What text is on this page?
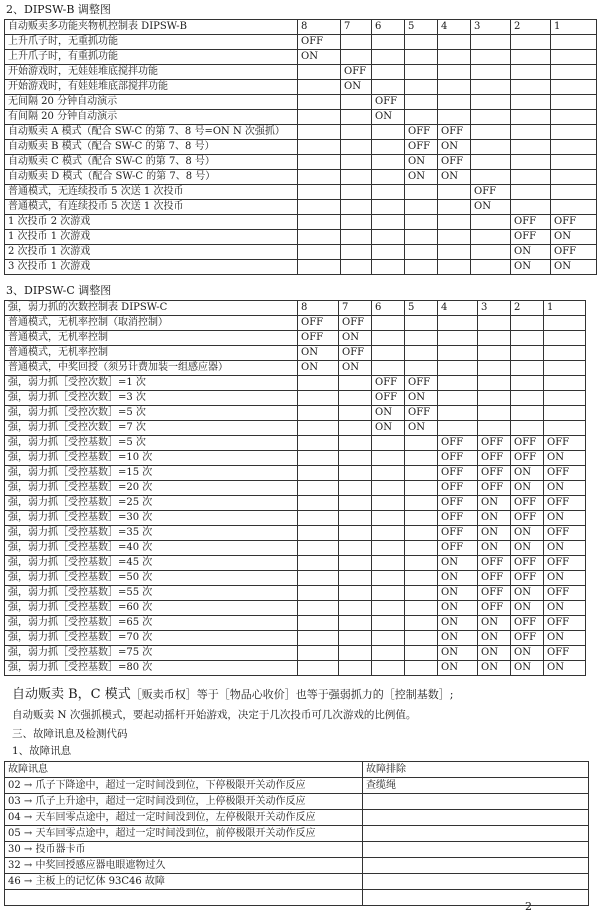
2、DIPSW-B 调整图
自动贩卖多功能夹物机控制表 DIPSW-B	8	7	6	5	4	3	2	1
上升爪子时，无重抓功能	OFF							
上升爪子时，有重抓功能	ON							
开始游戏时，无娃娃堆底搅拌功能		OFF						
开始游戏时，有娃娃堆底部搅拌功能		ON						
无间隔 20 分钟自动演示			OFF					
有间隔 20 分钟自动演示			ON					
自动贩卖 A 模式（配合 SW-C 的第 7、8 号=ON N 次强抓）				OFF	OFF			
自动贩卖 B 模式（配合 SW-C 的第 7、8 号）				OFF	ON			
自动贩卖 C 模式（配合 SW-C 的第 7、8 号）				ON	OFF			
自动贩卖 D 模式（配合 SW-C 的第 7、8 号）				ON	ON			
普通模式，无连续投币 5 次送 1 次投币						OFF		
普通模式，有连续投币 5 次送 1 次投币						ON		
1 次投币 2 次游戏							OFF	OFF
1 次投币 1 次游戏							OFF	ON
2 次投币 1 次游戏							ON	OFF
3 次投币 1 次游戏							ON	ON
3、DIPSW-C 调整图
强，弱力抓的次数控制表 DIPSW-C	8	7	6	5	4	3	2	1
普通模式，无机率控制（取消控制）	OFF	OFF						
普通模式，无机率控制	OFF	ON						
普通模式，无机率控制	ON	OFF						
普通模式，中奖回授（须另计费加装一组感应器）	ON	ON						
强，弱力抓［受控次数］=1 次			OFF	OFF				
强，弱力抓［受控次数］=3 次			OFF	ON				
强，弱力抓［受控次数］=5 次			ON	OFF				
强，弱力抓［受控次数］=7 次			ON	ON				
强，弱力抓［受控基数］=5 次					OFF	OFF	OFF	OFF
强，弱力抓［受控基数］=10 次					OFF	OFF	OFF	ON
强，弱力抓［受控基数］=15 次					OFF	OFF	ON	OFF
强，弱力抓［受控基数］=20 次					OFF	OFF	ON	ON
强，弱力抓［受控基数］=25 次					OFF	ON	OFF	OFF
强，弱力抓［受控基数］=30 次					OFF	ON	OFF	ON
强，弱力抓［受控基数］=35 次					OFF	ON	ON	OFF
强，弱力抓［受控基数］=40 次					OFF	ON	ON	ON
强，弱力抓［受控基数］=45 次					ON	OFF	OFF	OFF
强，弱力抓［受控基数］=50 次					ON	OFF	OFF	ON
强，弱力抓［受控基数］=55 次					ON	OFF	ON	OFF
强，弱力抓［受控基数］=60 次					ON	OFF	ON	ON
强，弱力抓［受控基数］=65 次					ON	ON	OFF	OFF
强，弱力抓［受控基数］=70 次					ON	ON	OFF	ON
强，弱力抓［受控基数］=75 次					ON	ON	ON	OFF
强，弱力抓［受控基数］=80 次					ON	ON	ON	ON
自动贩卖 B，C 模式［贩卖币权］等于［物品心收价］也等于强弱抓力的［控制基数］;
自动贩卖 N 次强抓模式，要起动摇杆开始游戏，决定于几次投币可几次游戏的比例值。
三、故障讯息及检测代码
1、故障讯息
故障讯息	故障排除
02 → 爪子下降途中，超过一定时间没到位，下停极限开关动作反应	查缆绳
03 → 爪子上升途中，超过一定时间没到位，上停极限开关动作反应	
04 → 天车回零点途中，超过一定时间没到位，左停极限开关动作反应	
05 → 天车回零点途中，超过一定时间没到位，前停极限开关动作反应	
30 → 投币器卡币	
32 → 中奖回授感应器电眼遮物过久	
46 → 主板上的记忆体 93C46 故障	

2
